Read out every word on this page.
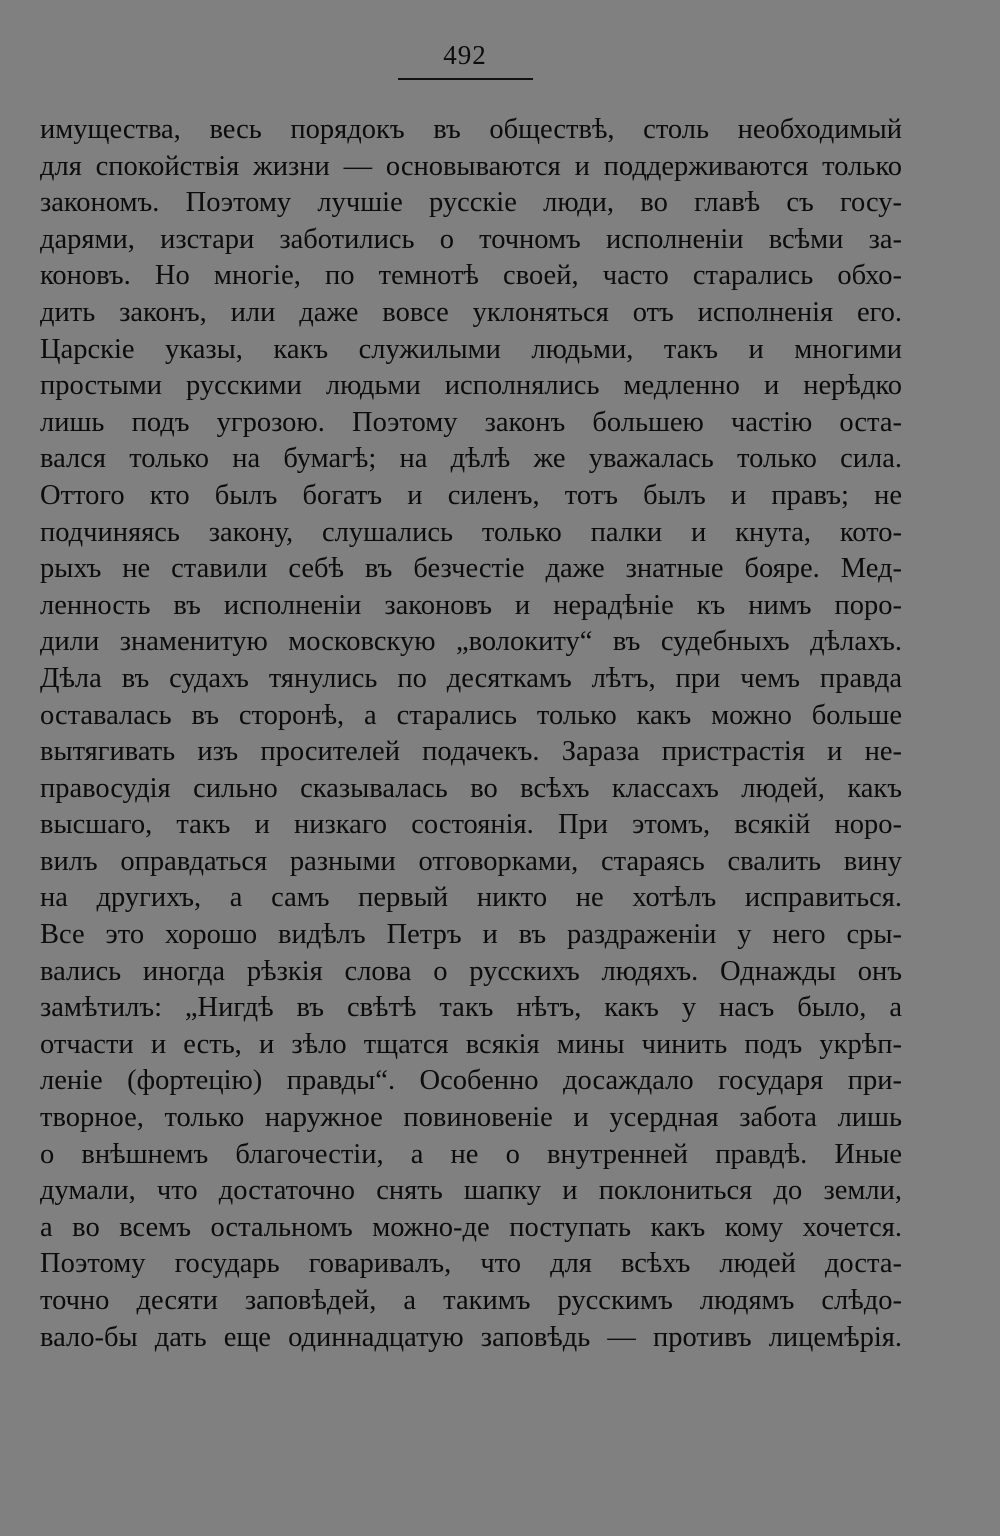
492
имущества, весь порядокъ въ обществѣ, столь необходимый
для спокойствія жизни — основываются и поддерживаются только
закономъ. Поэтому лучшіе русскіе люди, во главѣ съ госу-
дарями, изстари заботились о точномъ исполненіи всѣми за-
коновъ. Но многіе, по темнотѣ своей, часто старались обхо-
дить законъ, или даже вовсе уклоняться отъ исполненія его.
Царскіе указы, какъ служилыми людьми, такъ и многими
простыми русскими людьми исполнялись медленно и нерѣдко
лишь подъ угрозою. Поэтому законъ большею частію оста-
вался только на бумагѣ; на дѣлѣ же уважалась только сила.
Оттого кто былъ богатъ и силенъ, тотъ былъ и правъ; не
подчиняясь закону, слушались только палки и кнута, кото-
рыхъ не ставили себѣ въ безчестіе даже знатные бояре. Мед-
ленность въ исполненіи законовъ и нерадѣніе къ нимъ поро-
дили знаменитую московскую „волокиту“ въ судебныхъ дѣлахъ.
Дѣла въ судахъ тянулись по десяткамъ лѣтъ, при чемъ правда
оставалась въ сторонѣ, а старались только какъ можно больше
вытягивать изъ просителей подачекъ. Зараза пристрастія и не-
правосудія сильно сказывалась во всѣхъ классахъ людей, какъ
высшаго, такъ и низкаго состоянія. При этомъ, всякій норо-
вилъ оправдаться разными отговорками, стараясь свалить вину
на другихъ, а самъ первый никто не хотѣлъ исправиться.
Все это хорошо видѣлъ Петръ и въ раздраженіи у него сры-
вались иногда рѣзкія слова о русскихъ людяхъ. Однажды онъ
замѣтилъ: „Нигдѣ въ свѣтѣ такъ нѣтъ, какъ у насъ было, а
отчасти и есть, и зѣло тщатся всякія мины чинить подъ укрѣп-
леніе (фортецію) правды“. Особенно досаждало государя при-
творное, только наружное повиновеніе и усердная забота лишь
о внѣшнемъ благочестіи, а не о внутренней правдѣ. Иные
думали, что достаточно снять шапку и поклониться до земли,
а во всемъ остальномъ можно-де поступать какъ кому хочется.
Поэтому государь говаривалъ, что для всѣхъ людей доста-
точно десяти заповѣдей, а такимъ русскимъ людямъ слѣдо-
вало-бы дать еще одиннадцатую заповѣдь — противъ лицемѣрія.
